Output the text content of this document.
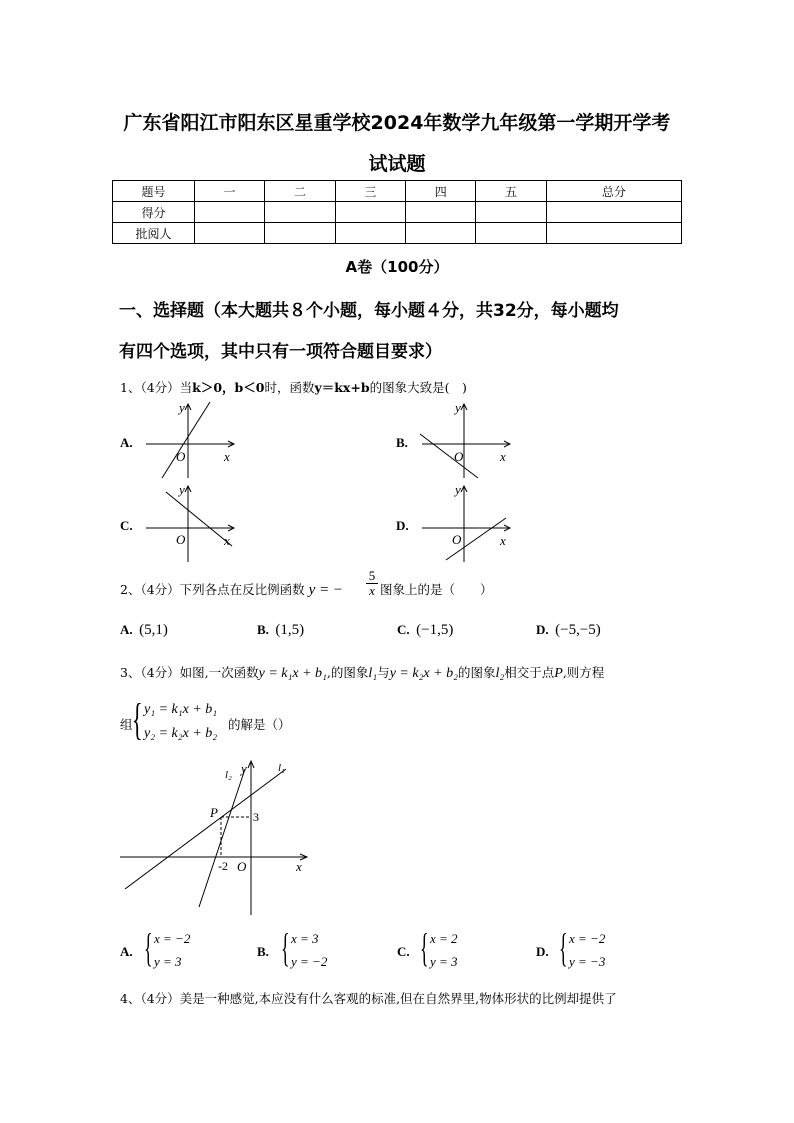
广东省阳江市阳东区星重学校2024年数学九年级第一学期开学考
试试题
题号	一	二	三	四	五	总分
得分						
批阅人						
A卷（100分）
一、选择题（本大题共８个小题，每小题４分，共32分，每小题均
有四个选项，其中只有一项符合题目要求）
1、（4分）当k＞0，b＜0时，函数y＝kx+b的图象大致是(　)
A.
y
O	x
B.
y
O	x
C.
y
O	x
D.
y
O	x
2、（4分）下列各点在反比例函数 y = −
5
x 图象上的是（　　）
A. (5,1)	B. (1,5)	C. (−1,5)	D. (−5,−5)
3、（4分）如图,一次函数y = k₁x + b₁,的图象l₁与y = k₂x + b₂的图象l₂相交于点P,则方程
组 { y₁ = k₁x + b₁
y₂ = k₂x + b₂
的解是（）
l₂ y	l₁
P	3
-2 O	x
A. { x = −2
y = 3
B. { x = 3
y = −2
C. { x = 2
y = 3
D. { x = −2
y = −3
4、（4分）美是一种感觉,本应没有什么客观的标准,但在自然界里,物体形状的比例却提供了
